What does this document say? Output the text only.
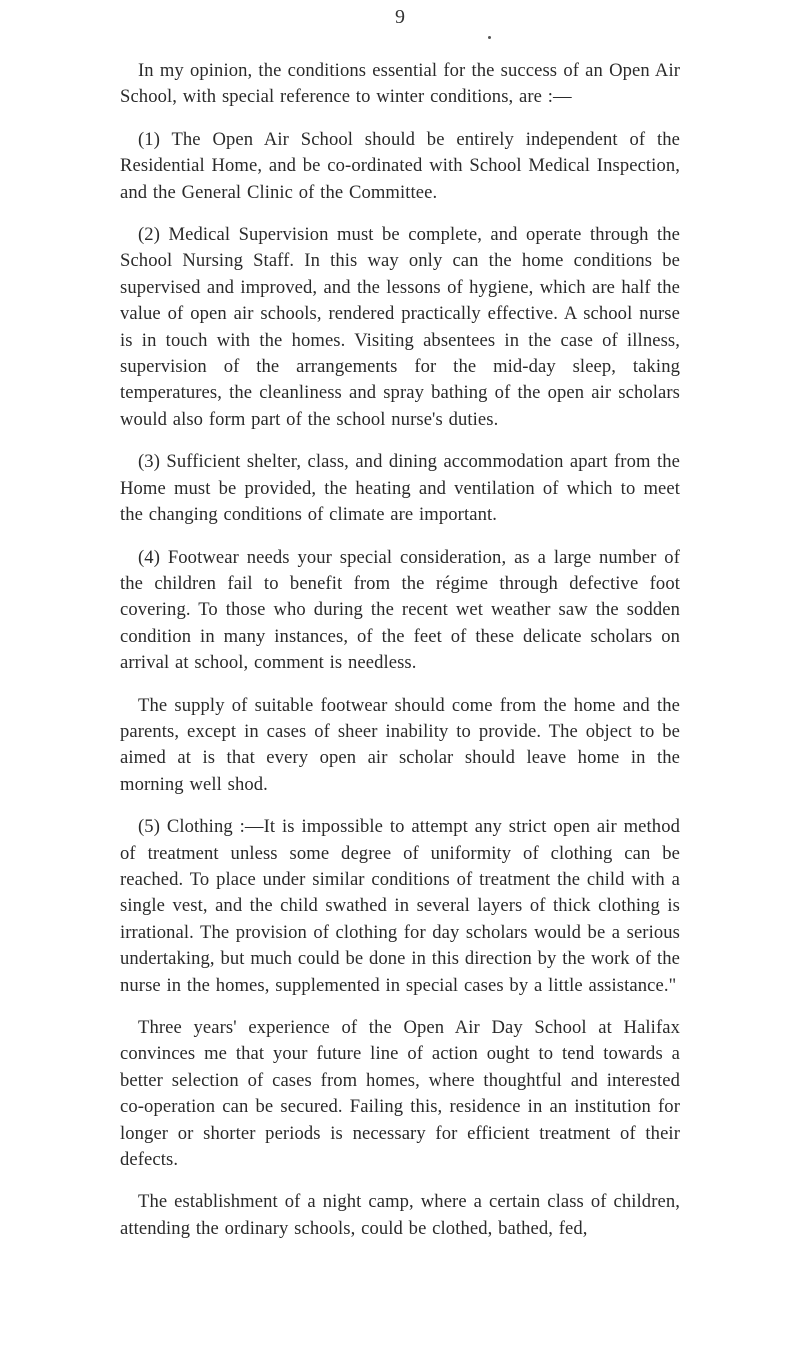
9

In my opinion, the conditions essential for the success of an Open Air School, with special reference to winter conditions, are :—

(1) The Open Air School should be entirely independent of the Residential Home, and be co-ordinated with School Medical Inspection, and the General Clinic of the Committee.

(2) Medical Supervision must be complete, and operate through the School Nursing Staff. In this way only can the home conditions be supervised and improved, and the lessons of hygiene, which are half the value of open air schools, rendered practically effective. A school nurse is in touch with the homes. Visiting absentees in the case of illness, supervision of the arrangements for the mid-day sleep, taking temperatures, the cleanliness and spray bathing of the open air scholars would also form part of the school nurse's duties.

(3) Sufficient shelter, class, and dining accommodation apart from the Home must be provided, the heating and ventilation of which to meet the changing conditions of climate are important.

(4) Footwear needs your special consideration, as a large number of the children fail to benefit from the régime through defective foot covering. To those who during the recent wet weather saw the sodden condition in many instances, of the feet of these delicate scholars on arrival at school, comment is needless.

The supply of suitable footwear should come from the home and the parents, except in cases of sheer inability to provide. The object to be aimed at is that every open air scholar should leave home in the morning well shod.

(5) Clothing :—It is impossible to attempt any strict open air method of treatment unless some degree of uniformity of clothing can be reached. To place under similar conditions of treatment the child with a single vest, and the child swathed in several layers of thick clothing is irrational. The provision of clothing for day scholars would be a serious undertaking, but much could be done in this direction by the work of the nurse in the homes, supplemented in special cases by a little assistance."

Three years' experience of the Open Air Day School at Halifax convinces me that your future line of action ought to tend towards a better selection of cases from homes, where thoughtful and interested co-operation can be secured. Failing this, residence in an institution for longer or shorter periods is necessary for efficient treatment of their defects.

The establishment of a night camp, where a certain class of children, attending the ordinary schools, could be clothed, bathed, fed,
